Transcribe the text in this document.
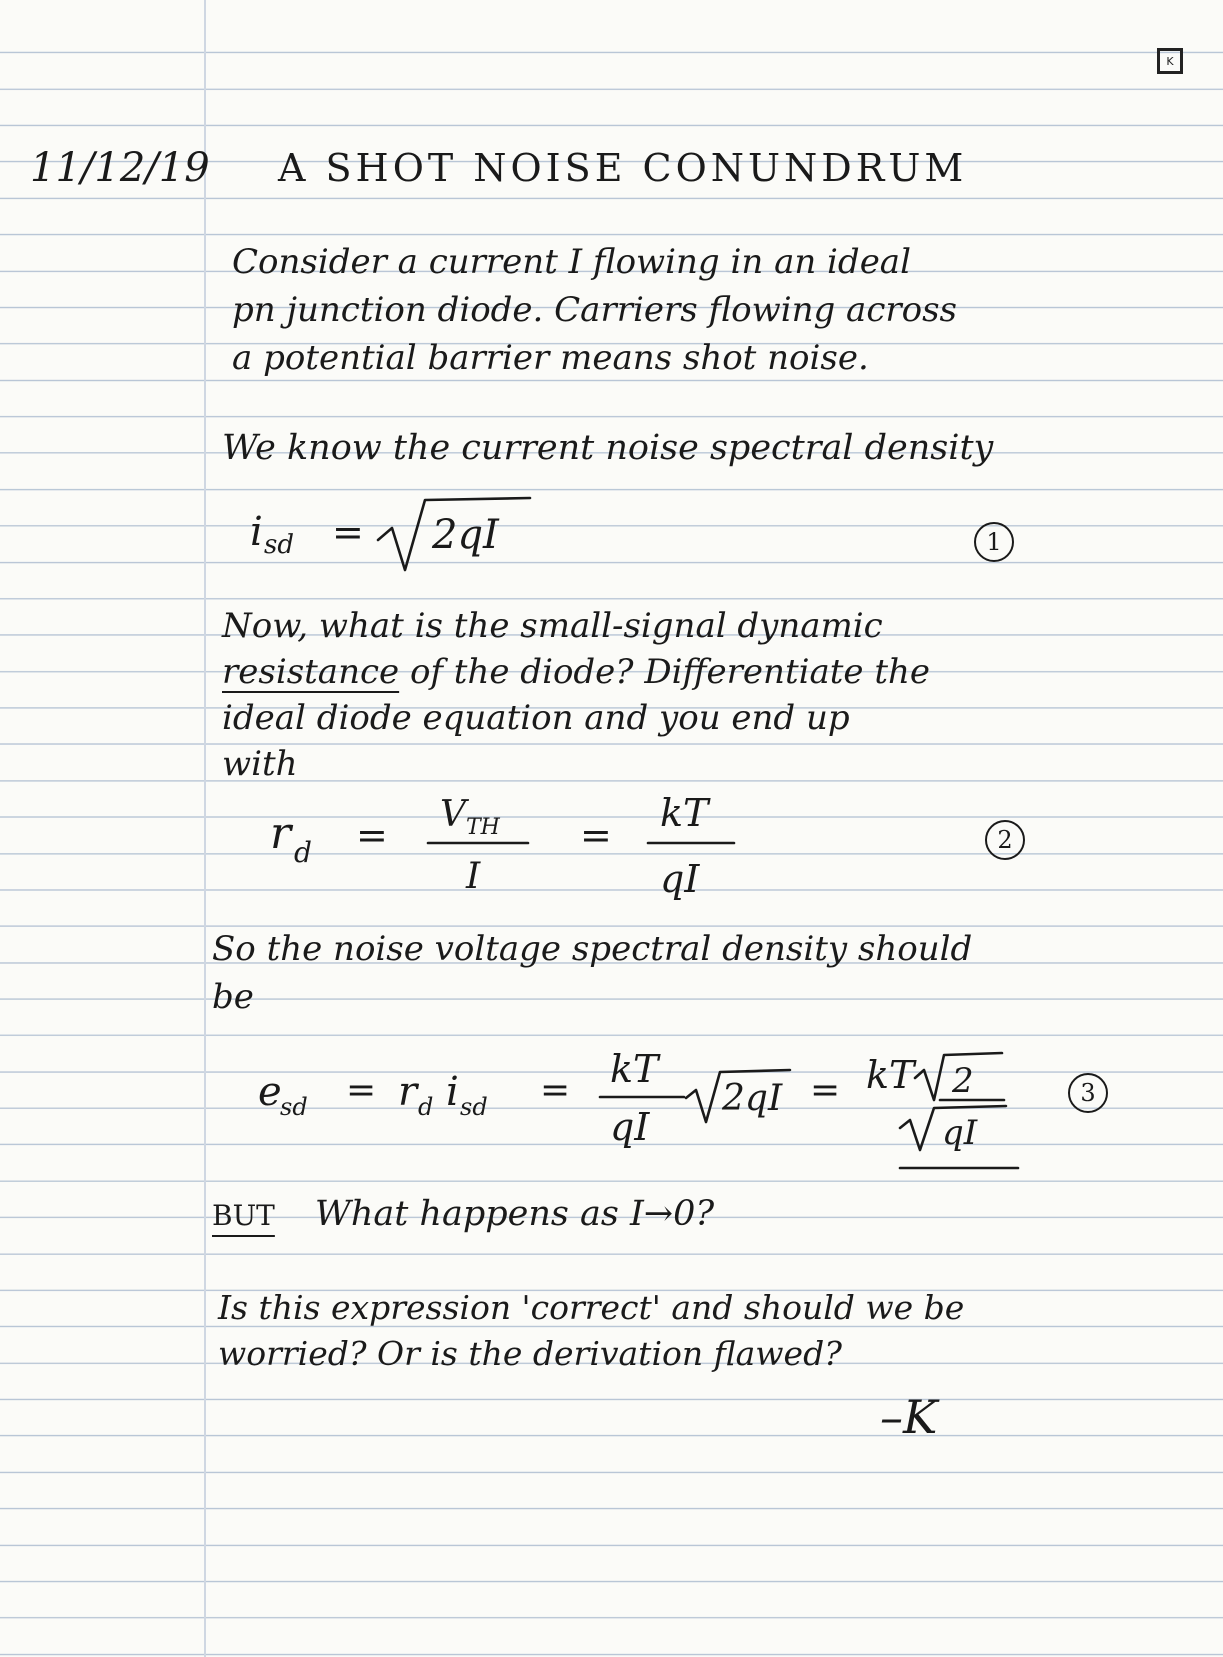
K
11/12/19 A SHOT NOISE CONUNDRUM
Consider a current I flowing in an ideal
pn junction diode. Carriers flowing across
a potential barrier means shot noise.
We know the current noise spectral density
Now, what is the small-signal dynamic
resistance of the diode? Differentiate the
ideal diode equation and you end up
with
So the noise voltage spectral density should
be
BUT What happens as I→0?
Is this expression 'correct' and should we be
worried? Or is the derivation flawed?
–K
1
2
3
i sd = 2qI
r d = V TH
I
= kT
qI
e
sd = r d i sd = kT
qI
2qI = kT 2
qI
